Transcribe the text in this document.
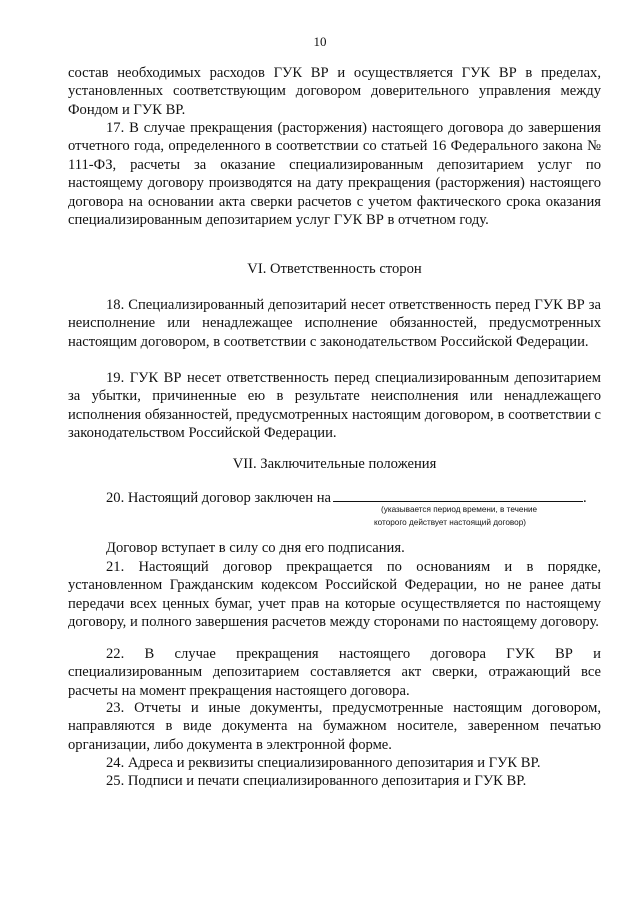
10

состав необходимых расходов ГУК ВР и осуществляется ГУК ВР в пределах, установленных соответствующим договором доверительного управления между Фондом и ГУК ВР.

17. В случае прекращения (расторжения) настоящего договора до завершения отчетного года, определенного в соответствии со статьей 16 Федерального закона № 111-ФЗ, расчеты за оказание специализированным депозитарием услуг по настоящему договору производятся на дату прекращения (расторжения) настоящего договора на основании акта сверки расчетов с учетом фактического срока оказания специализированным депозитарием услуг ГУК ВР в отчетном году.

VI. Ответственность сторон

18. Специализированный депозитарий несет ответственность перед ГУК ВР за неисполнение или ненадлежащее исполнение обязанностей, предусмотренных настоящим договором, в соответствии с законодательством Российской Федерации.

19. ГУК ВР несет ответственность перед специализированным депозитарием за убытки, причиненные ею в результате неисполнения или ненадлежащего исполнения обязанностей, предусмотренных настоящим договором, в соответствии с законодательством Российской Федерации.

VII. Заключительные положения
20. Настоящий договор заключен на	.
(указывается период времени, в течение
которого действует настоящий договор)

Договор вступает в силу со дня его подписания.

21. Настоящий договор прекращается по основаниям и в порядке, установленном Гражданским кодексом Российской Федерации, но не ранее даты передачи всех ценных бумаг, учет прав на которые осуществляется по настоящему договору, и полного завершения расчетов между сторонами по настоящему договору.

22. В случае прекращения настоящего договора ГУК ВР и специализированным депозитарием составляется акт сверки, отражающий все расчеты на момент прекращения настоящего договора.

23. Отчеты и иные документы, предусмотренные настоящим договором, направляются в виде документа на бумажном носителе, заверенном печатью организации, либо документа в электронной форме.

24. Адреса и реквизиты специализированного депозитария и ГУК ВР.

25. Подписи и печати специализированного депозитария и ГУК ВР.
